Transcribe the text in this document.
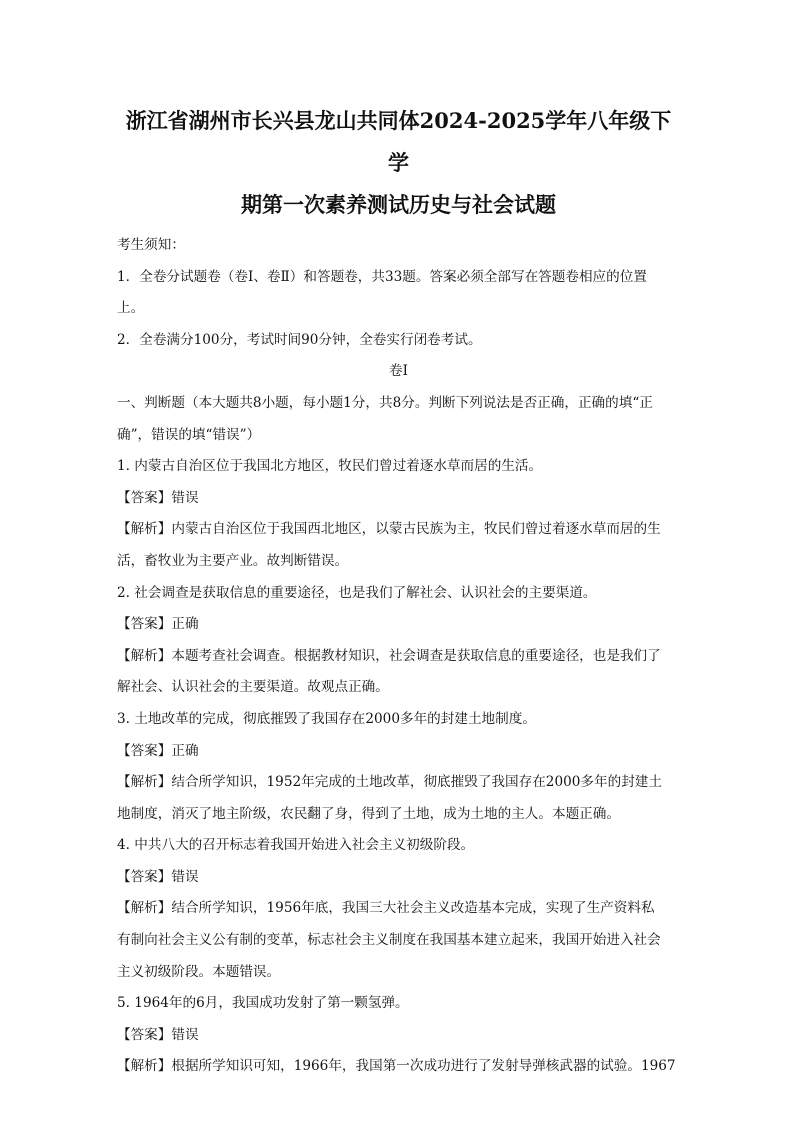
浙江省湖州市长兴县龙山共同体2024-2025学年八年级下学

期第一次素养测试历史与社会试题

考生须知：

1．全卷分试题卷（卷Ⅰ、卷Ⅱ）和答题卷，共33题。答案必须全部写在答题卷相应的位置

上。

2．全卷满分100分，考试时间90分钟，全卷实行闭卷考试。

卷I

一、判断题（本大题共8小题，每小题1分，共8分。判断下列说法是否正确，正确的填“正

确”，错误的填“错误”）

1. 内蒙古自治区位于我国北方地区，牧民们曾过着逐水草而居的生活。

【答案】错误

【解析】内蒙古自治区位于我国西北地区，以蒙古民族为主，牧民们曾过着逐水草而居的生

活，畜牧业为主要产业。故判断错误。

2. 社会调查是获取信息的重要途径，也是我们了解社会、认识社会的主要渠道。

【答案】正确

【解析】本题考查社会调查。根据教材知识，社会调查是获取信息的重要途径，也是我们了

解社会、认识社会的主要渠道。故观点正确。

3. 土地改革的完成，彻底摧毁了我国存在2000多年的封建土地制度。

【答案】正确

【解析】结合所学知识，1952年完成的土地改革，彻底摧毁了我国存在2000多年的封建土

地制度，消灭了地主阶级，农民翻了身，得到了土地，成为土地的主人。本题正确。

4. 中共八大的召开标志着我国开始进入社会主义初级阶段。

【答案】错误

【解析】结合所学知识，1956年底，我国三大社会主义改造基本完成，实现了生产资料私

有制向社会主义公有制的变革，标志社会主义制度在我国基本建立起来，我国开始进入社会

主义初级阶段。本题错误。

5. 1964年的6月，我国成功发射了第一颗氢弹。

【答案】错误

【解析】根据所学知识可知，1966年，我国第一次成功进行了发射导弹核武器的试验。1967
